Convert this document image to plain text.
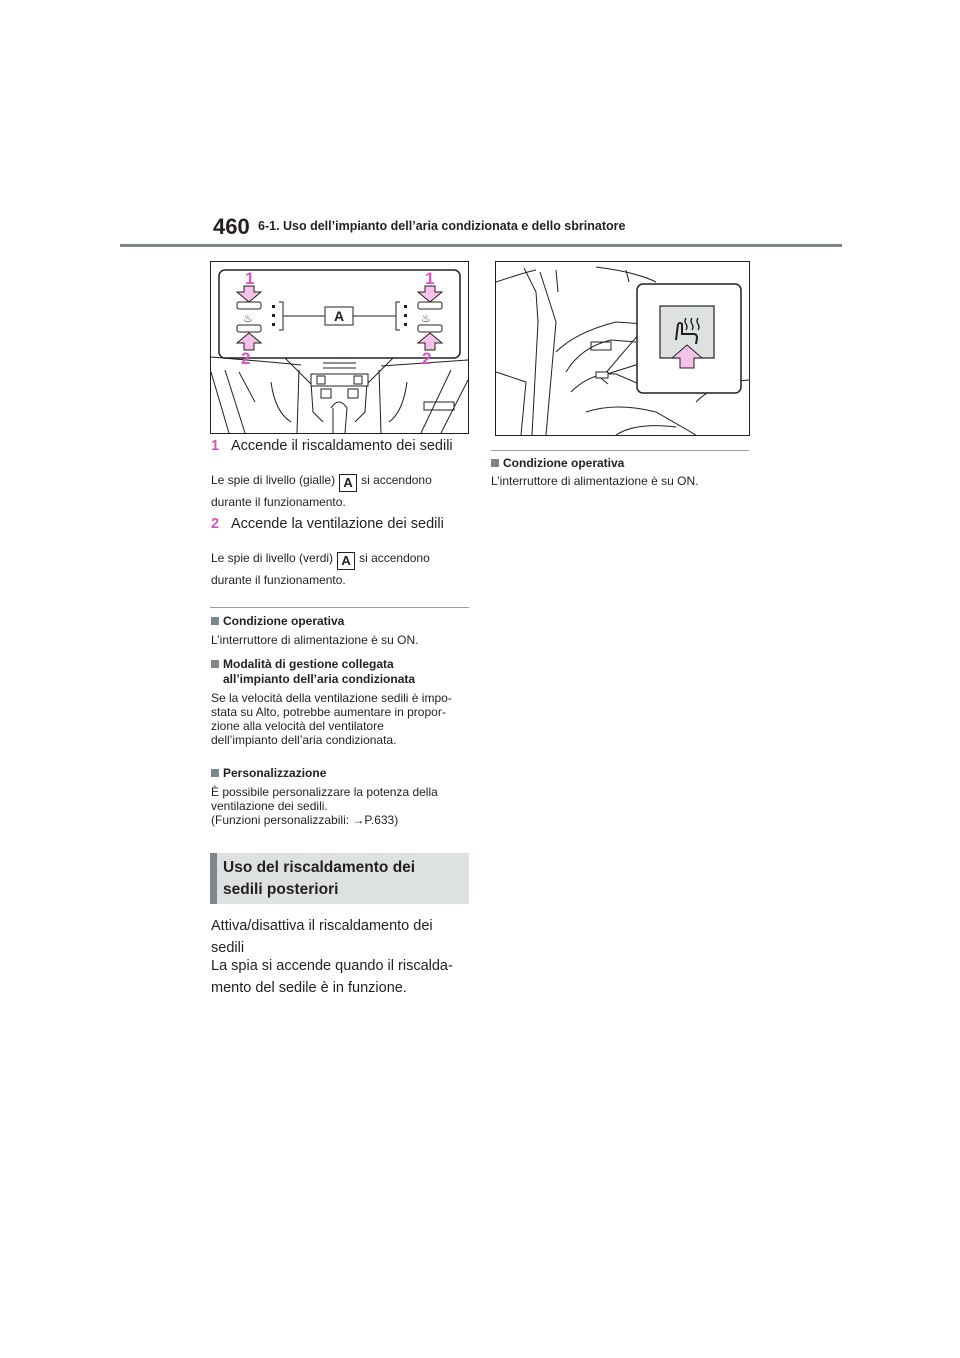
460 6-1. Uso dell’impianto dell’aria condizionata e dello sbrinatore
♨	♨
A
1	1
2	2
1 Accende il riscaldamento dei sedili
Le spie di livello (gialle) A si accendono
durante il funzionamento.
2 Accende la ventilazione dei sedili
Le spie di livello (verdi) A si accendono
durante il funzionamento.
Condizione operativa
L’interruttore di alimentazione è su ON.
Modalità di gestione collegata
all’impianto dell’aria condizionata
Se la velocità della ventilazione sedili è impo-
stata su Alto, potrebbe aumentare in propor-
zione alla velocità del ventilatore
dell’impianto dell’aria condizionata.
Personalizzazione
È possibile personalizzare la potenza della
ventilazione dei sedili.
(Funzioni personalizzabili: →P.633)
Uso del riscaldamento dei
sedili posteriori
Attiva/disattiva il riscaldamento dei
sedili
La spia si accende quando il riscalda-
mento del sedile è in funzione.
Condizione operativa
L’interruttore di alimentazione è su ON.
